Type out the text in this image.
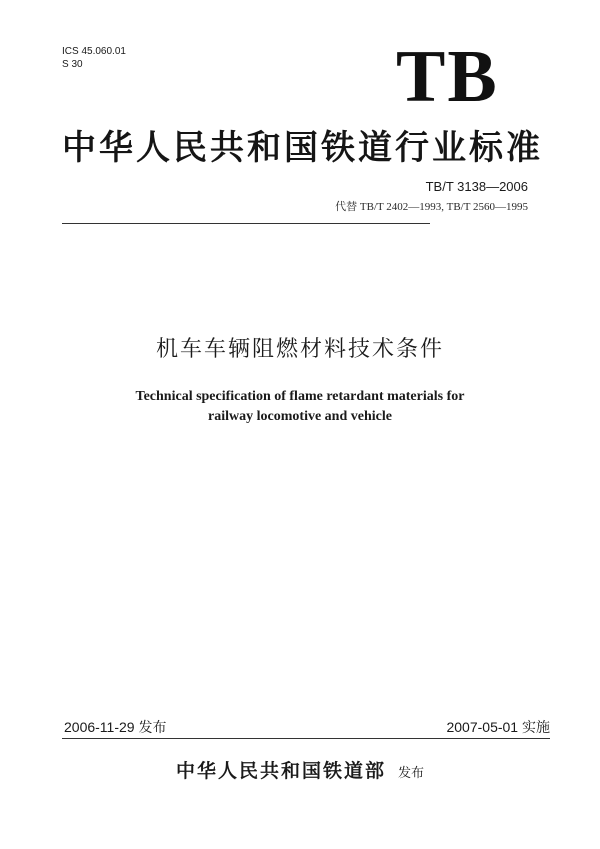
ICS 45.060.01
S 30	TB
中华人民共和国铁道行业标准
TB/T 3138—2006
代替 TB/T 2402—1993, TB/T 2560—1995
机车车辆阻燃材料技术条件
Technical specification of flame retardant materials for
railway locomotive and vehicle
2006-11-29 发布	2007-05-01 实施
中华人民共和国铁道部 发布
